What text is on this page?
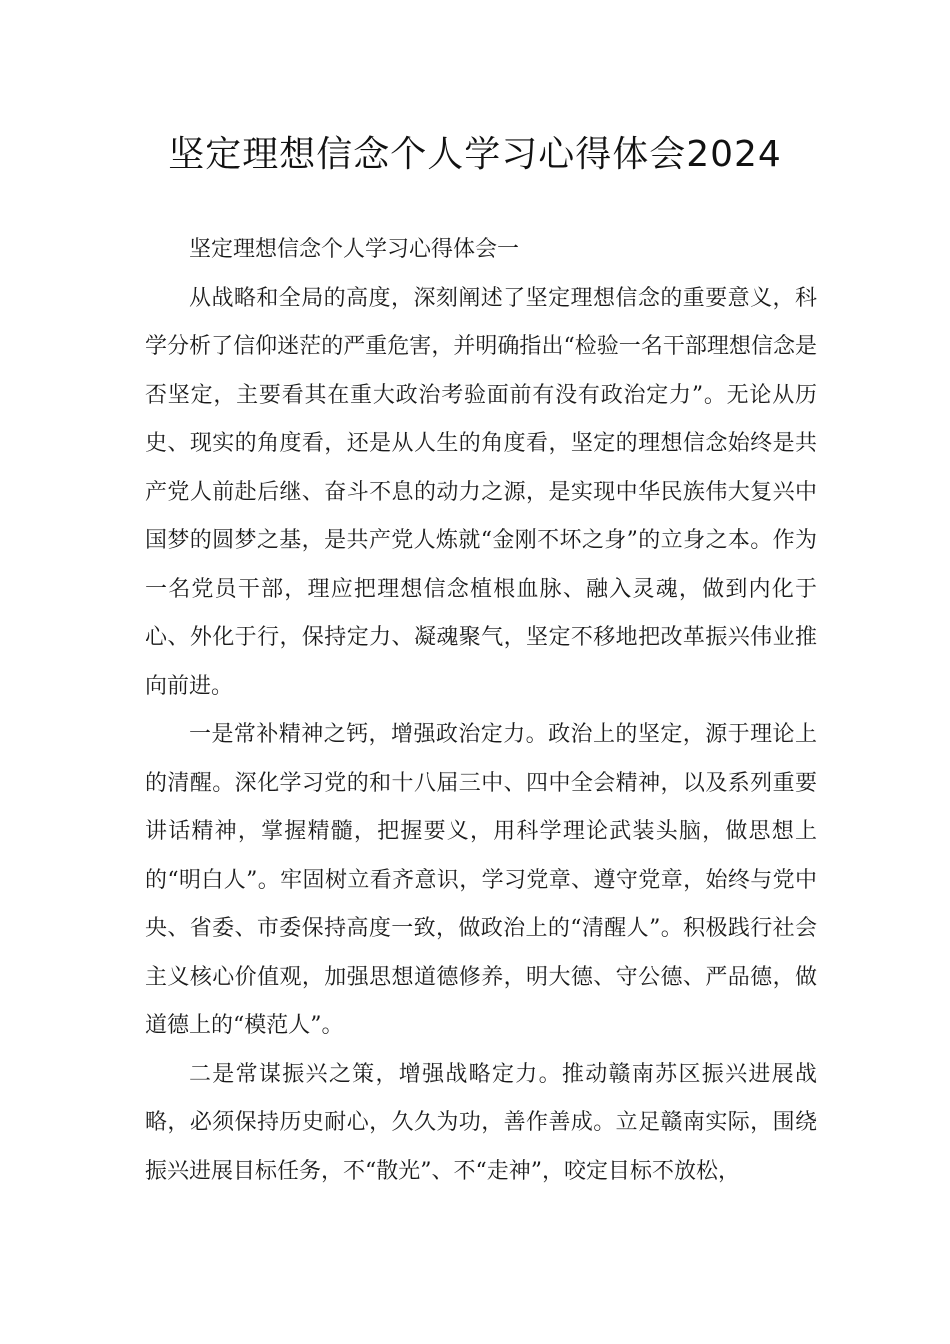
坚定理想信念个人学习心得体会2024

坚定理想信念个人学习心得体会一

从战略和全局的高度，深刻阐述了坚定理想信念的重要意义，科学分析了信仰迷茫的严重危害，并明确指出“检验一名干部理想信念是否坚定，主要看其在重大政治考验面前有没有政治定力”。无论从历史、现实的角度看，还是从人生的角度看，坚定的理想信念始终是共产党人前赴后继、奋斗不息的动力之源，是实现中华民族伟大复兴中国梦的圆梦之基，是共产党人炼就“金刚不坏之身”的立身之本。作为一名党员干部，理应把理想信念植根血脉、融入灵魂，做到内化于心、外化于行，保持定力、凝魂聚气，坚定不移地把改革振兴伟业推向前进。

一是常补精神之钙，增强政治定力。政治上的坚定，源于理论上的清醒。深化学习党的和十八届三中、四中全会精神，以及系列重要讲话精神，掌握精髓，把握要义，用科学理论武装头脑，做思想上的“明白人”。牢固树立看齐意识，学习党章、遵守党章，始终与党中央、省委、市委保持高度一致，做政治上的“清醒人”。积极践行社会主义核心价值观，加强思想道德修养，明大德、守公德、严品德，做道德上的“模范人”。

二是常谋振兴之策，增强战略定力。推动赣南苏区振兴进展战略，必须保持历史耐心，久久为功，善作善成。立足赣南实际，围绕振兴进展目标任务，不“散光”、不“走神”，咬定目标不放松，
